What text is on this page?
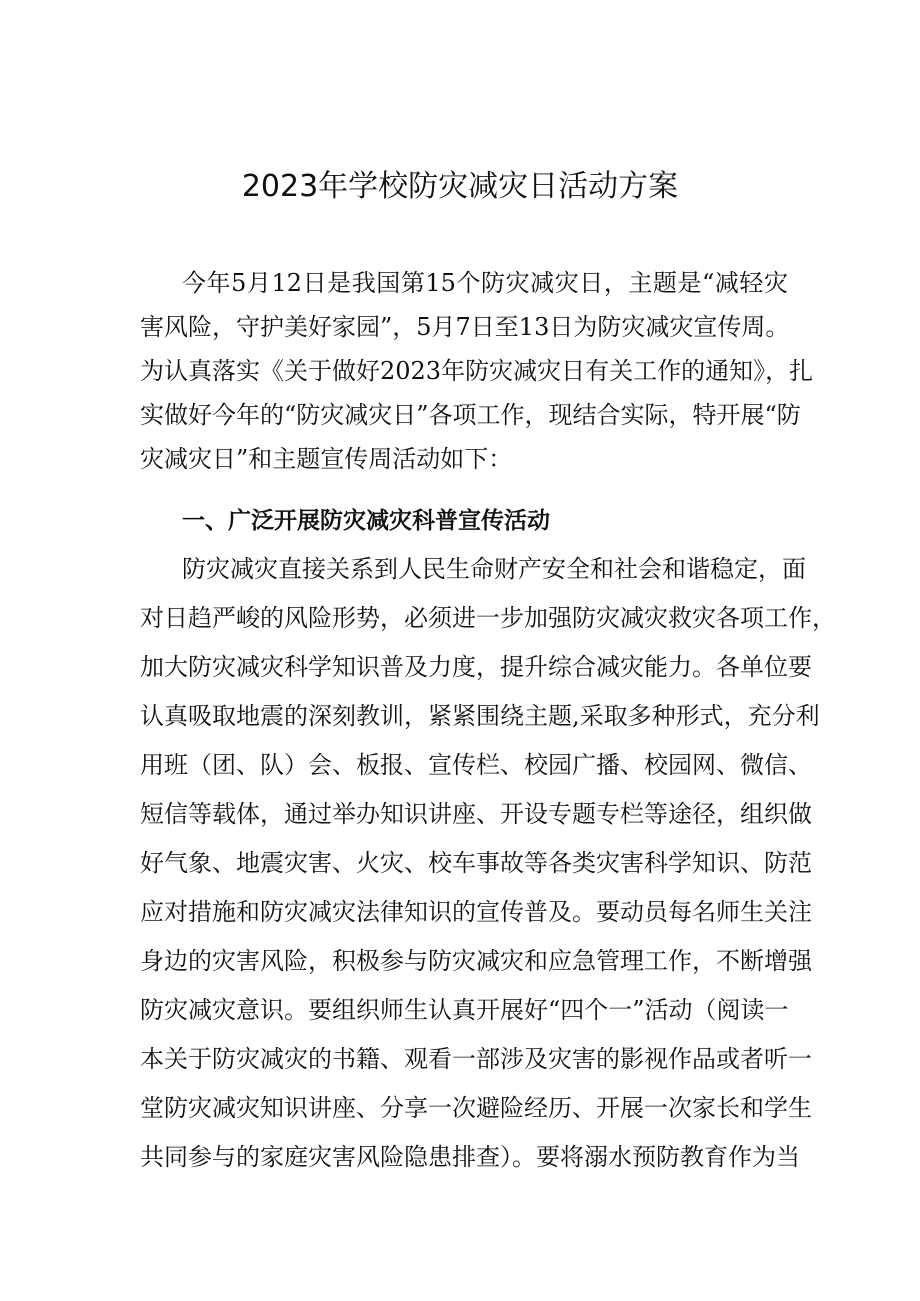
2023年学校防灾减灾日活动方案
今年5月12日是我国第15个防灾减灾日，主题是“减轻灾
害风险，守护美好家园”，5月7日至13日为防灾减灾宣传周。
为认真落实《关于做好2023年防灾减灾日有关工作的通知》，扎
实做好今年的“防灾减灾日”各项工作，现结合实际，特开展“防
灾减灾日”和主题宣传周活动如下：
一、广泛开展防灾减灾科普宣传活动
防灾减灾直接关系到人民生命财产安全和社会和谐稳定，面
对日趋严峻的风险形势，必须进一步加强防灾减灾救灾各项工作，
加大防灾减灾科学知识普及力度，提升综合减灾能力。各单位要
认真吸取地震的深刻教训，紧紧围绕主题,采取多种形式，充分利
用班（团、队）会、板报、宣传栏、校园广播、校园网、微信、
短信等载体，通过举办知识讲座、开设专题专栏等途径，组织做
好气象、地震灾害、火灾、校车事故等各类灾害科学知识、防范
应对措施和防灾减灾法律知识的宣传普及。要动员每名师生关注
身边的灾害风险，积极参与防灾减灾和应急管理工作，不断增强
防灾减灾意识。要组织师生认真开展好“四个一”活动（阅读一
本关于防灾减灾的书籍、观看一部涉及灾害的影视作品或者听一
堂防灾减灾知识讲座、分享一次避险经历、开展一次家长和学生
共同参与的家庭灾害风险隐患排查）。要将溺水预防教育作为当
